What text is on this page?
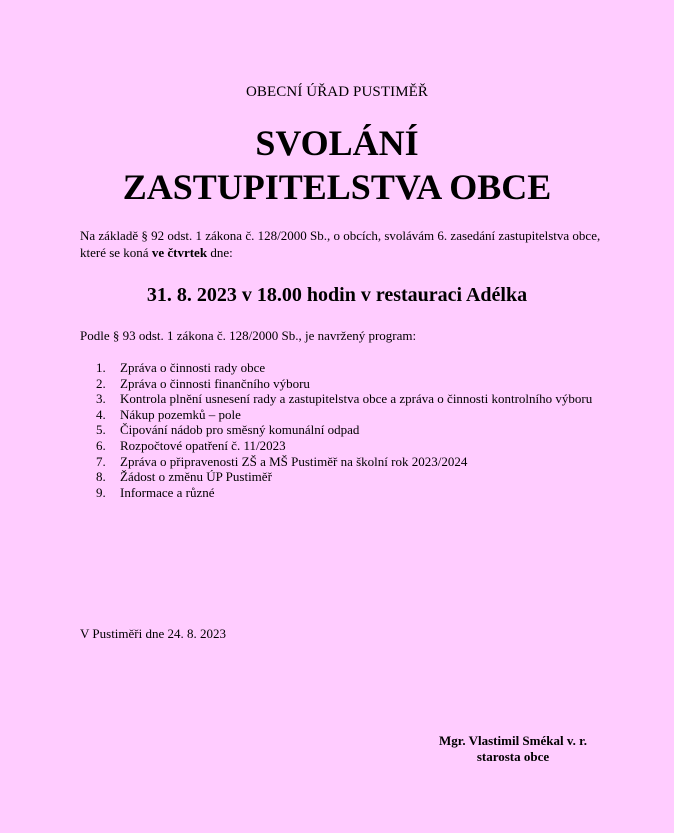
OBECNÍ ÚŘAD PUSTIMĚŘ
SVOLÁNÍ
ZASTUPITELSTVA OBCE
Na základě § 92 odst. 1 zákona č. 128/2000 Sb., o obcích, svolávám 6. zasedání zastupitelstva obce, které se koná ve čtvrtek dne:
31. 8. 2023 v 18.00 hodin v restauraci Adélka
Podle § 93 odst. 1 zákona č. 128/2000 Sb., je navržený program:
1. Zpráva o činnosti rady obce
2. Zpráva o činnosti finančního výboru
3. Kontrola plnění usnesení rady a zastupitelstva obce a zpráva o činnosti kontrolního výboru
4. Nákup pozemků – pole
5. Čipování nádob pro směsný komunální odpad
6. Rozpočtové opatření č. 11/2023
7. Zpráva o připravenosti ZŠ a MŠ Pustiměř na školní rok 2023/2024
8. Žádost o změnu ÚP Pustiměř
9. Informace a různé
V Pustiměři dne 24. 8. 2023
Mgr. Vlastimil Smékal v. r.
starosta obce
